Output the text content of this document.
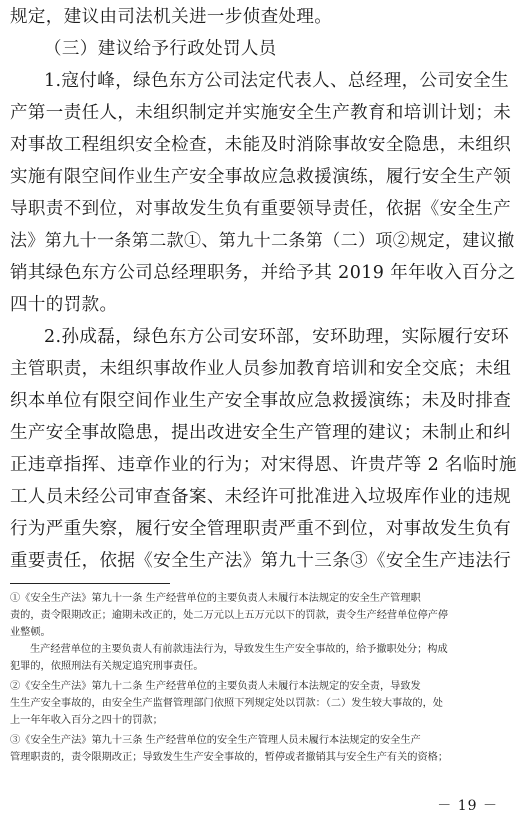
规定，建议由司法机关进一步侦查处理。
（三）建议给予行政处罚人员
1.寇付峰，绿色东方公司法定代表人、总经理，公司安全生
产第一责任人，未组织制定并实施安全生产教育和培训计划；未
对事故工程组织安全检查，未能及时消除事故安全隐患，未组织
实施有限空间作业生产安全事故应急救援演练，履行安全生产领
导职责不到位，对事故发生负有重要领导责任，依据《安全生产
法》第九十一条第二款①、第九十二条第（二）项②规定，建议撤
销其绿色东方公司总经理职务，并给予其 2019 年年收入百分之
四十的罚款。
2.孙成磊，绿色东方公司安环部，安环助理，实际履行安环
主管职责，未组织事故作业人员参加教育培训和安全交底；未组
织本单位有限空间作业生产安全事故应急救援演练；未及时排查
生产安全事故隐患，提出改进安全生产管理的建议；未制止和纠
正违章指挥、违章作业的行为；对宋得恩、许贵芹等 2 名临时施
工人员未经公司审查备案、未经许可批准进入垃圾库作业的违规
行为严重失察，履行安全管理职责严重不到位，对事故发生负有
重要责任，依据《安全生产法》第九十三条③《安全生产违法行
①《安全生产法》第九十一条 生产经营单位的主要负责人未履行本法规定的安全生产管理职
责的，责令限期改正；逾期未改正的，处二万元以上五万元以下的罚款，责令生产经营单位停产停
业整顿。
生产经营单位的主要负责人有前款违法行为，导致发生生产安全事故的，给予撤职处分；构成
犯罪的，依照刑法有关规定追究刑事责任。
②《安全生产法》第九十二条 生产经营单位的主要负责人未履行本法规定的安全责，导致发
生生产安全事故的，由安全生产监督管理部门依照下列规定处以罚款：（二）发生较大事故的，处
上一年年收入百分之四十的罚款；
③《安全生产法》第九十三条 生产经营单位的安全生产管理人员未履行本法规定的安全生产
管理职责的，责令限期改正；导致发生生产安全事故的，暂停或者撤销其与安全生产有关的资格；
－ 19 －
